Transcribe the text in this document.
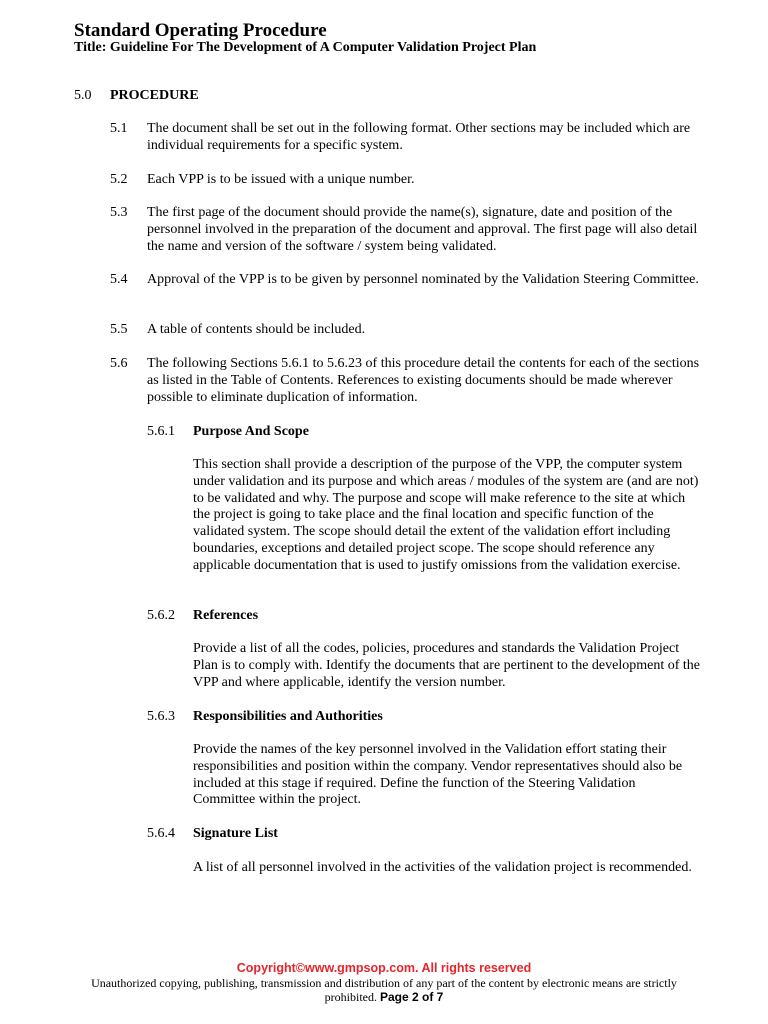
Standard Operating Procedure
Title: Guideline For The Development of A Computer Validation Project Plan
5.0 PROCEDURE
5.1 The document shall be set out in the following format. Other sections may be included which are individual requirements for a specific system.
5.2 Each VPP is to be issued with a unique number.
5.3 The first page of the document should provide the name(s), signature, date and position of the personnel involved in the preparation of the document and approval. The first page will also detail the name and version of the software / system being validated.
5.4 Approval of the VPP is to be given by personnel nominated by the Validation Steering Committee.
5.5 A table of contents should be included.
5.6 The following Sections 5.6.1 to 5.6.23 of this procedure detail the contents for each of the sections as listed in the Table of Contents. References to existing documents should be made wherever possible to eliminate duplication of information.
5.6.1 Purpose And Scope
This section shall provide a description of the purpose of the VPP, the computer system under validation and its purpose and which areas / modules of the system are (and are not) to be validated and why. The purpose and scope will make reference to the site at which the project is going to take place and the final location and specific function of the validated system. The scope should detail the extent of the validation effort including boundaries, exceptions and detailed project scope. The scope should reference any applicable documentation that is used to justify omissions from the validation exercise.
5.6.2 References
Provide a list of all the codes, policies, procedures and standards the Validation Project Plan is to comply with. Identify the documents that are pertinent to the development of the VPP and where applicable, identify the version number.
5.6.3 Responsibilities and Authorities
Provide the names of the key personnel involved in the Validation effort stating their responsibilities and position within the company. Vendor representatives should also be included at this stage if required. Define the function of the Steering Validation Committee within the project.
5.6.4 Signature List
A list of all personnel involved in the activities of the validation project is recommended.
Copyright©www.gmpsop.com. All rights reserved
Unauthorized copying, publishing, transmission and distribution of any part of the content by electronic means are strictly prohibited. Page 2 of 7
